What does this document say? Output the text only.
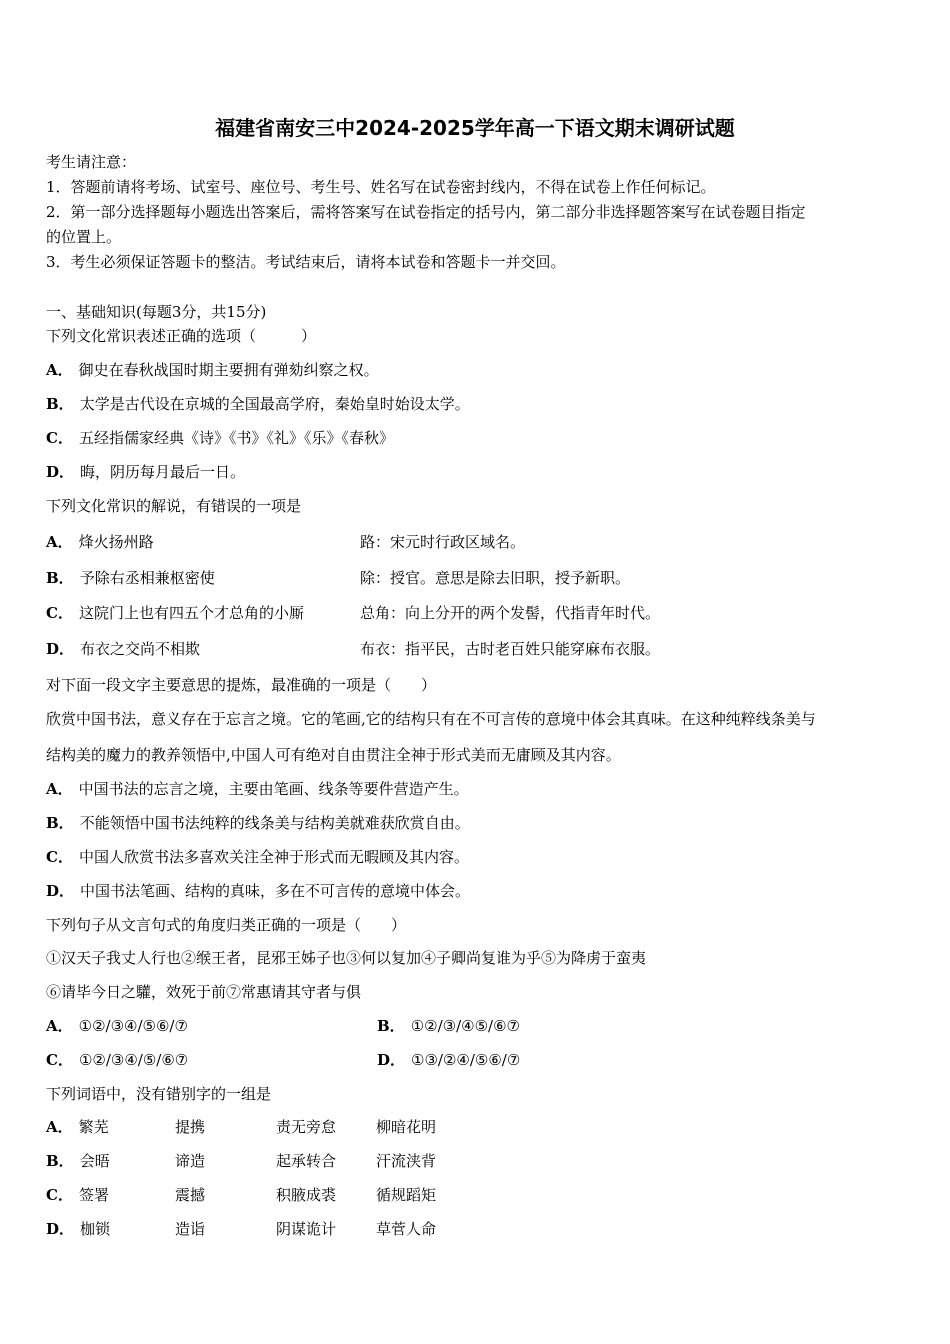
福建省南安三中2024-2025学年高一下语文期末调研试题
考生请注意：
1．答题前请将考场、试室号、座位号、考生号、姓名写在试卷密封线内，不得在试卷上作任何标记。
2．第一部分选择题每小题选出答案后，需将答案写在试卷指定的括号内，第二部分非选择题答案写在试卷题目指定
的位置上。
3．考生必须保证答题卡的整洁。考试结束后，请将本试卷和答题卡一并交回。
一、基础知识(每题3分，共15分)
下列文化常识表述正确的选项（　　　）
A． 御史在春秋战国时期主要拥有弹劾纠察之权。
B． 太学是古代设在京城的全国最高学府，秦始皇时始设太学。
C． 五经指儒家经典《诗》《书》《礼》《乐》《春秋》
D． 晦，阴历每月最后一日。
下列文化常识的解说，有错误的一项是
A． 烽火扬州路	路：宋元时行政区域名。
B． 予除右丞相兼枢密使	除：授官。意思是除去旧职，授予新职。
C． 这院门上也有四五个才总角的小厮	总角：向上分开的两个发髻，代指青年时代。
D． 布衣之交尚不相欺	布衣：指平民，古时老百姓只能穿麻布衣服。
对下面一段文字主要意思的提炼，最准确的一项是（　　）
欣赏中国书法，意义存在于忘言之境。它的笔画,它的结构只有在不可言传的意境中体会其真味。在这种纯粹线条美与
结构美的魔力的教养领悟中,中国人可有绝对自由贯注全神于形式美而无庸顾及其内容。
A． 中国书法的忘言之境，主要由笔画、线条等要件营造产生。
B． 不能领悟中国书法纯粹的线条美与结构美就难获欣赏自由。
C． 中国人欣赏书法多喜欢关注全神于形式而无暇顾及其内容。
D． 中国书法笔画、结构的真味，多在不可言传的意境中体会。
下列句子从文言句式的角度归类正确的一项是（　　）
①汉天子我丈人行也②缑王者，昆邪王姊子也③何以复加④子卿尚复谁为乎⑤为降虏于蛮夷
⑥请毕今日之驩，效死于前⑦常惠请其守者与俱
A． ①②/③④/⑤⑥/⑦	B． ①②/③/④⑤/⑥⑦
C． ①②/③④/⑤/⑥⑦	D． ①③/②④/⑤⑥/⑦
下列词语中，没有错别字的一组是
A． 繁芜	提携	责无旁怠	柳暗花明
B． 会晤	谛造	起承转合	汗流浃背
C． 签署	震撼	积腋成裘	循规蹈矩
D． 枷锁	造诣	阴谋诡计	草菅人命
